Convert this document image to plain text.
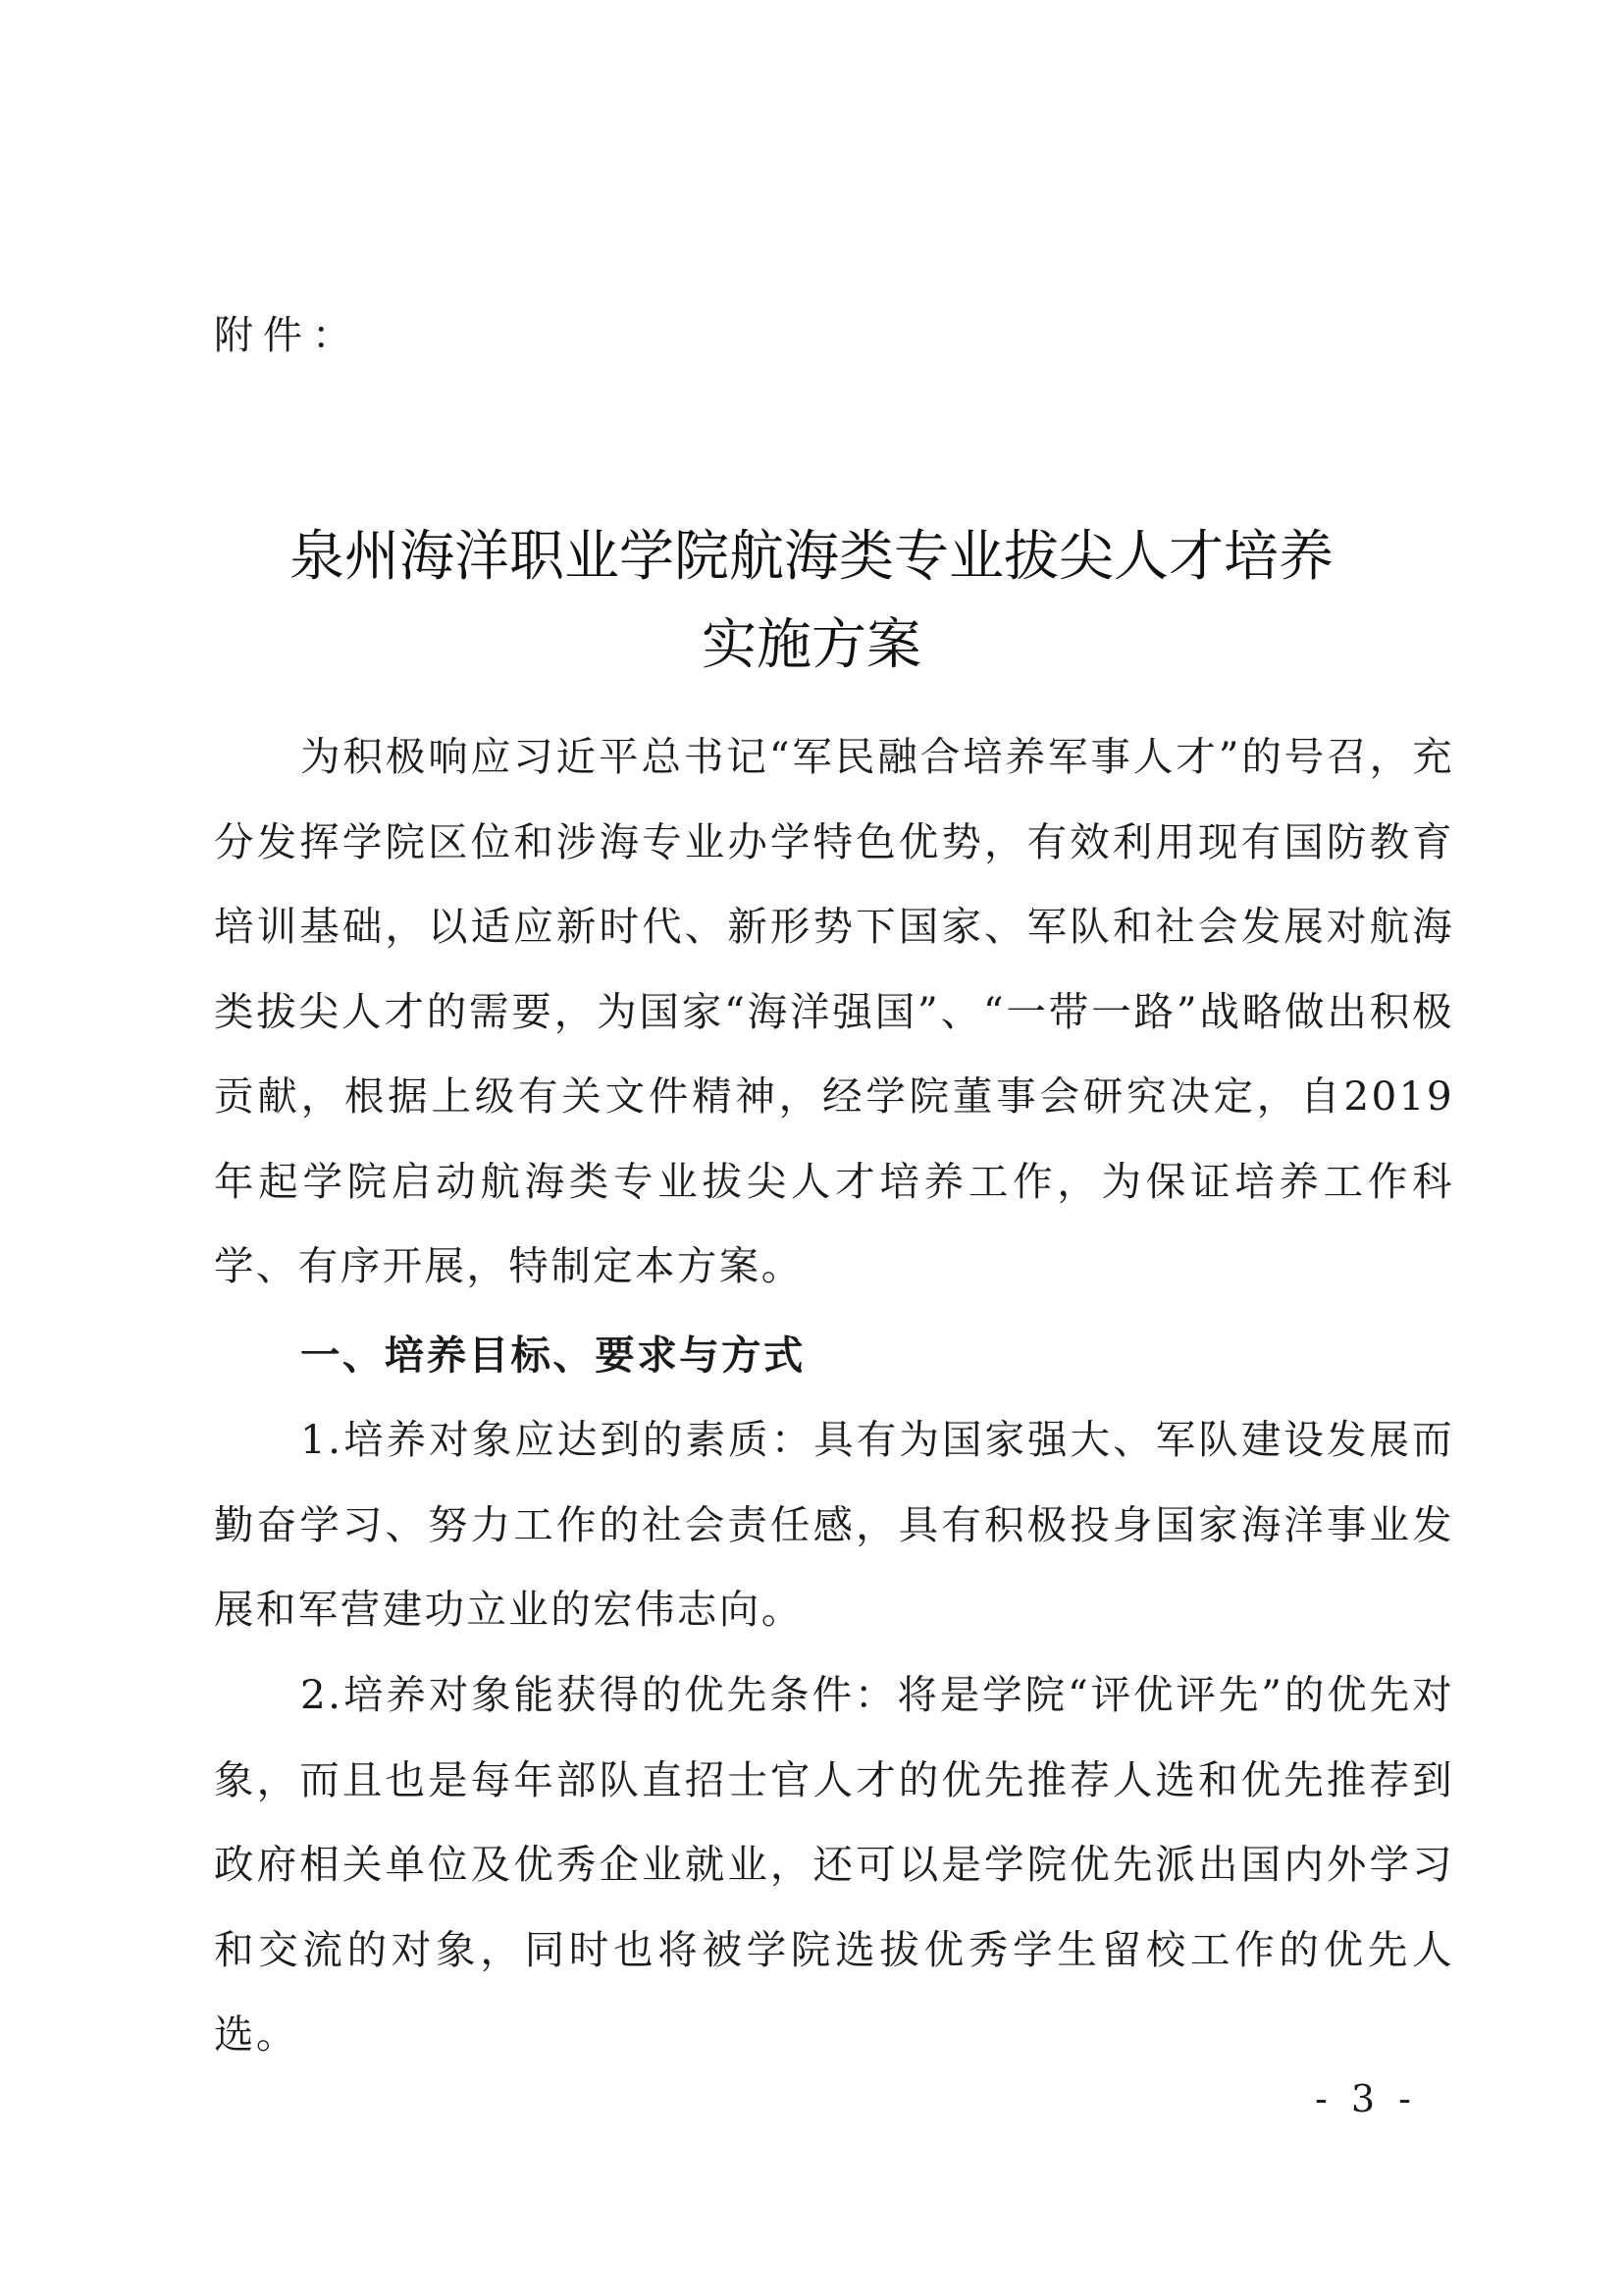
附件：
泉州海洋职业学院航海类专业拔尖人才培养
实施方案

为积极响应习近平总书记“军民融合培养军事人才”的号召，充分发挥学院区位和涉海专业办学特色优势，有效利用现有国防教育培训基础，以适应新时代、新形势下国家、军队和社会发展对航海类拔尖人才的需要，为国家“海洋强国”、“一带一路”战略做出积极贡献，根据上级有关文件精神，经学院董事会研究决定，自2019年起学院启动航海类专业拔尖人才培养工作，为保证培养工作科学、有序开展，特制定本方案。

一、培养目标、要求与方式

1.培养对象应达到的素质：具有为国家强大、军队建设发展而勤奋学习、努力工作的社会责任感，具有积极投身国家海洋事业发展和军营建功立业的宏伟志向。

2.培养对象能获得的优先条件：将是学院“评优评先”的优先对象，而且也是每年部队直招士官人才的优先推荐人选和优先推荐到政府相关单位及优秀企业就业，还可以是学院优先派出国内外学习和交流的对象，同时也将被学院选拔优秀学生留校工作的优先人选。

- 3 -
